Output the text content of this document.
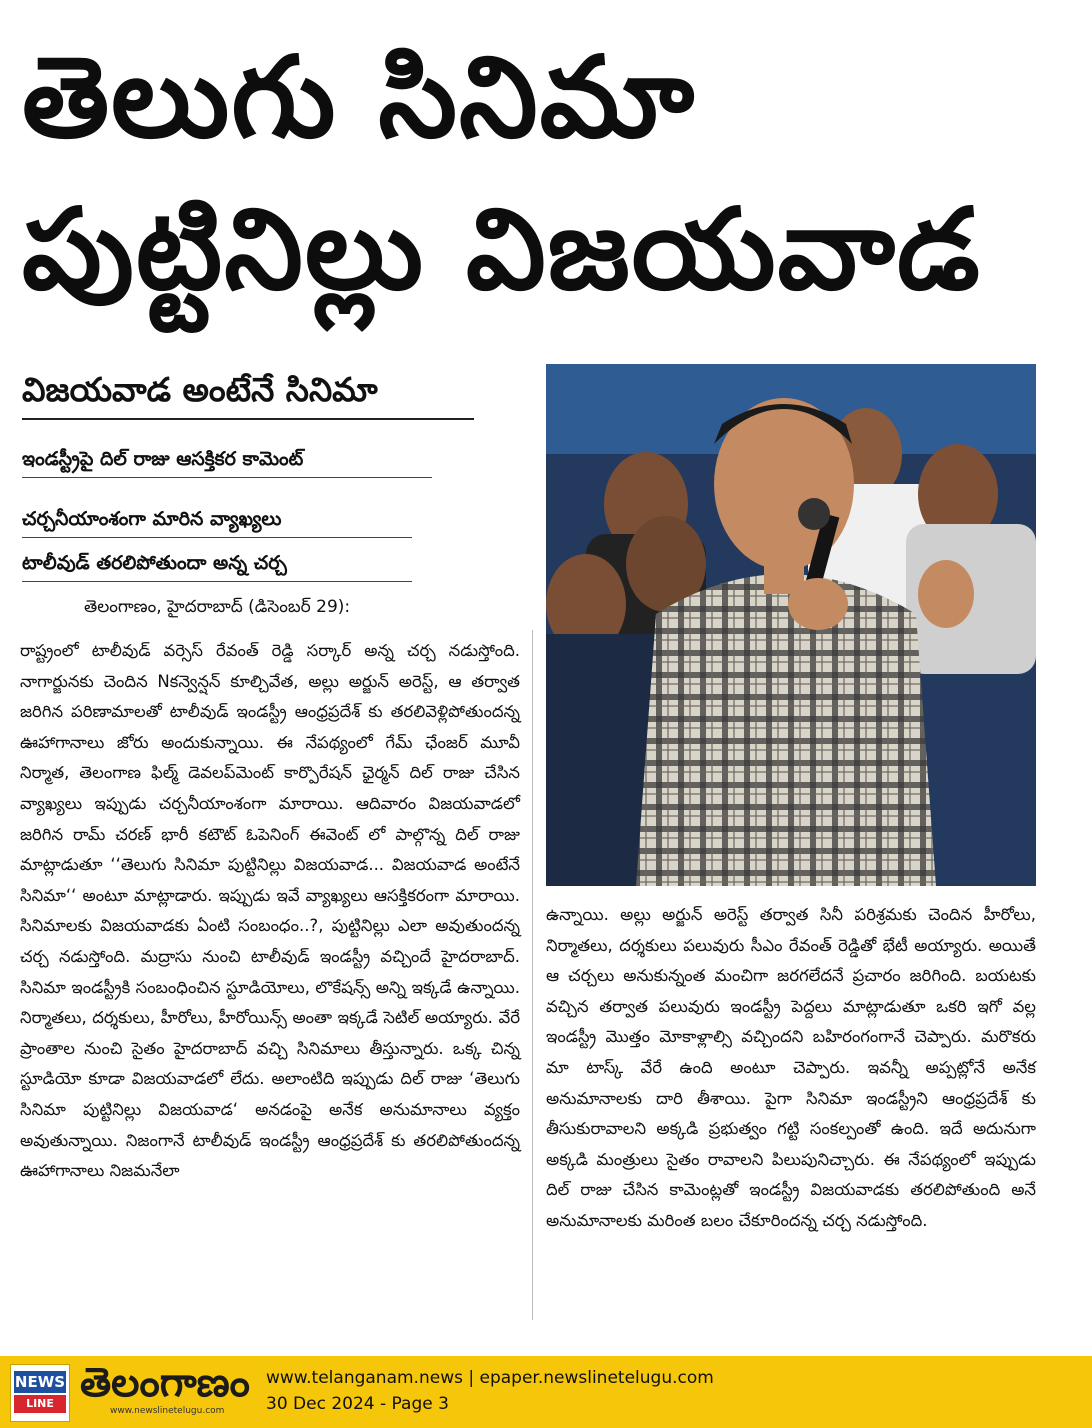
తెలుగు సినిమా
పుట్టినిల్లు విజయవాడ
విజయవాడ అంటేనే సినిమా
ఇండస్ట్రీపై దిల్ రాజు ఆసక్తికర కామెంట్
చర్చనీయాంశంగా మారిన వ్యాఖ్యలు
టాలీవుడ్ తరలిపోతుందా అన్న చర్చ
తెలంగాణం, హైదరాబాద్ (డిసెంబర్ 29):

రాష్ట్రంలో టాలీవుడ్ వర్సెస్ రేవంత్ రెడ్డి సర్కార్ అన్న చర్చ నడుస్తోంది. నాగార్జునకు చెందిన Nకన్వెన్షన్ కూల్చివేత, అల్లు అర్జున్ అరెస్ట్, ఆ తర్వాత జరిగిన పరిణామాలతో టాలీవుడ్ ఇండస్ట్రీ ఆంధ్రప్రదేశ్ కు తరలివెళ్లిపోతుందన్న ఊహాగానాలు జోరు అందుకున్నాయి. ఈ నేపథ్యంలో గేమ్ ఛేంజర్ మూవీ నిర్మాత, తెలంగాణ ఫిల్మ్ డెవలప్‌మెంట్ కార్పొరేషన్ ఛైర్మన్ దిల్ రాజు చేసిన వ్యాఖ్యలు ఇప్పుడు చర్చనీయాంశంగా మారాయి. ఆదివారం విజయవాడలో జరిగిన రామ్ చరణ్ భారీ కటౌట్ ఓపెనింగ్ ఈవెంట్ లో పాల్గొన్న దిల్ రాజు మాట్లాడుతూ ‘‘తెలుగు సినిమా పుట్టినిల్లు విజయవాడ... విజయవాడ అంటేనే సినిమా‘‘ అంటూ మాట్లాడారు. ఇప్పుడు ఇవే వ్యాఖ్యలు ఆసక్తికరంగా మారాయి. సినిమాలకు విజయవాడకు ఏంటి సంబంధం..?, పుట్టినిల్లు ఎలా అవుతుందన్న చర్చ నడుస్తోంది. మద్రాసు నుంచి టాలీవుడ్ ఇండస్ట్రీ వచ్చిందే హైదరాబాద్. సినిమా ఇండస్ట్రీకి సంబంధించిన స్టూడియోలు, లొకేషన్స్ అన్ని ఇక్కడే ఉన్నాయి. నిర్మాతలు, దర్శకులు, హీరోలు, హీరోయిన్స్ అంతా ఇక్కడే సెటిల్ అయ్యారు. వేరే ప్రాంతాల నుంచి సైతం హైదరాబాద్ వచ్చి సినిమాలు తీస్తున్నారు. ఒక్క చిన్న స్టూడియో కూడా విజయవాడలో లేదు. అలాంటిది ఇప్పుడు దిల్ రాజు ‘తెలుగు సినిమా పుట్టినిల్లు విజయవాడ‘ అనడంపై అనేక అనుమానాలు వ్యక్తం అవుతున్నాయి. నిజంగానే టాలీవుడ్ ఇండస్ట్రీ ఆంధ్రప్రదేశ్ కు తరలిపోతుందన్న ఊహాగానాలు నిజమనేలా

ఉన్నాయి. అల్లు అర్జున్ అరెస్ట్ తర్వాత సినీ పరిశ్రమకు చెందిన హీరోలు, నిర్మాతలు, దర్శకులు పలువురు సీఎం రేవంత్ రెడ్డితో భేటీ అయ్యారు. అయితే ఆ చర్చలు అనుకున్నంత మంచిగా జరగలేదనే ప్రచారం జరిగింది. బయటకు వచ్చిన తర్వాత పలువురు ఇండస్ట్రీ పెద్దలు మాట్లాడుతూ ఒకరి ఇగో వల్ల ఇండస్ట్రీ మొత్తం మోకాళ్లాల్సి వచ్చిందని బహిరంగంగానే చెప్పారు. మరొకరు మా టాస్క్ వేరే ఉంది అంటూ చెప్పారు. ఇవన్నీ అప్పట్లోనే అనేక అనుమానాలకు దారి తీశాయి. పైగా సినిమా ఇండస్ట్రీని ఆంధ్రప్రదేశ్ కు తీసుకురావాలని అక్కడి ప్రభుత్వం గట్టి సంకల్పంతో ఉంది. ఇదే అదునుగా అక్కడి మంత్రులు సైతం రావాలని పిలుపునిచ్చారు. ఈ నేపథ్యంలో ఇప్పుడు దిల్ రాజు చేసిన కామెంట్లతో ఇండస్ట్రీ విజయవాడకు తరలిపోతుంది అనే అనుమానాలకు మరింత బలం చేకూరిందన్న చర్చ నడుస్తోంది.

NEWS
LINE తెలంగాణం
www.newslinetelugu.com
www.telanganam.news | epaper.newslinetelugu.com
30 Dec 2024 - Page 3
